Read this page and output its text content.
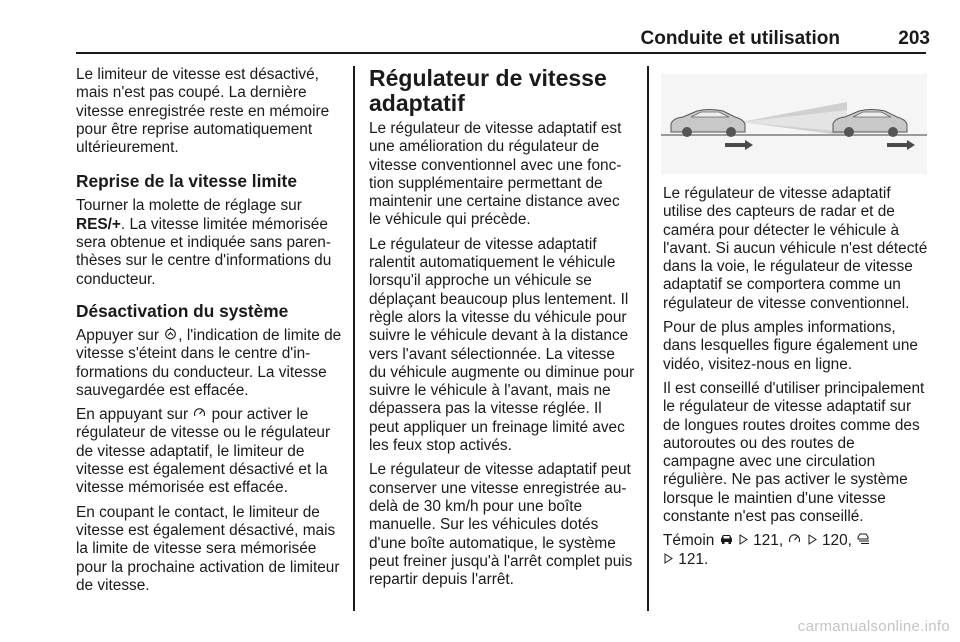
Conduite et utilisation	203

Le limiteur de vitesse est désactivé, mais n'est pas coupé. La dernière vitesse enregistrée reste en mémoire pour être reprise automatiquement ultérieurement.

Reprise de la vitesse limite

Tourner la molette de réglage sur RES/+. La vitesse limitée mémorisée sera obtenue et indiquée sans parenthèses sur le centre d'informations du conducteur.

Désactivation du système

Appuyer sur , l'indication de limite de vitesse s'éteint dans le centre d'informations du conducteur. La vitesse sauvegardée est effacée.

En appuyant sur  pour activer le régulateur de vitesse ou le régulateur de vitesse adaptatif, le limiteur de vitesse est également désactivé et la vitesse mémorisée est effacée.

En coupant le contact, le limiteur de vitesse est également désactivé, mais la limite de vitesse sera mémorisée pour la prochaine activation de limiteur de vitesse.

Régulateur de vitesse adaptatif

Le régulateur de vitesse adaptatif est une amélioration du régulateur de vitesse conventionnel avec une fonction supplémentaire permettant de maintenir une certaine distance avec le véhicule qui précède.

Le régulateur de vitesse adaptatif ralentit automatiquement le véhicule lorsqu'il approche un véhicule se déplaçant beaucoup plus lentement. Il règle alors la vitesse du véhicule pour suivre le véhicule devant à la distance vers l'avant sélectionnée. La vitesse du véhicule augmente ou diminue pour suivre le véhicule à l'avant, mais ne dépassera pas la vitesse réglée. Il peut appliquer un freinage limité avec les feux stop activés.

Le régulateur de vitesse adaptatif peut conserver une vitesse enregistrée au-delà de 30 km/h pour une boîte manuelle. Sur les véhicules dotés d'une boîte automatique, le système peut freiner jusqu'à l'arrêt complet puis repartir depuis l'arrêt.

Le régulateur de vitesse adaptatif utilise des capteurs de radar et de caméra pour détecter le véhicule à l'avant. Si aucun véhicule n'est détecté dans la voie, le régulateur de vitesse adaptatif se comportera comme un régulateur de vitesse conventionnel.

Pour de plus amples informations, dans lesquelles figure également une vidéo, visitez-nous en ligne.

Il est conseillé d'utiliser principalement le régulateur de vitesse adaptatif sur de longues routes droites comme des autoroutes ou des routes de campagne avec une circulation régulière. Ne pas activer le système lorsque le maintien d'une vitesse constante n'est pas conseillé.

Témoin	121,	120,
121.

carmanualsonline.info
